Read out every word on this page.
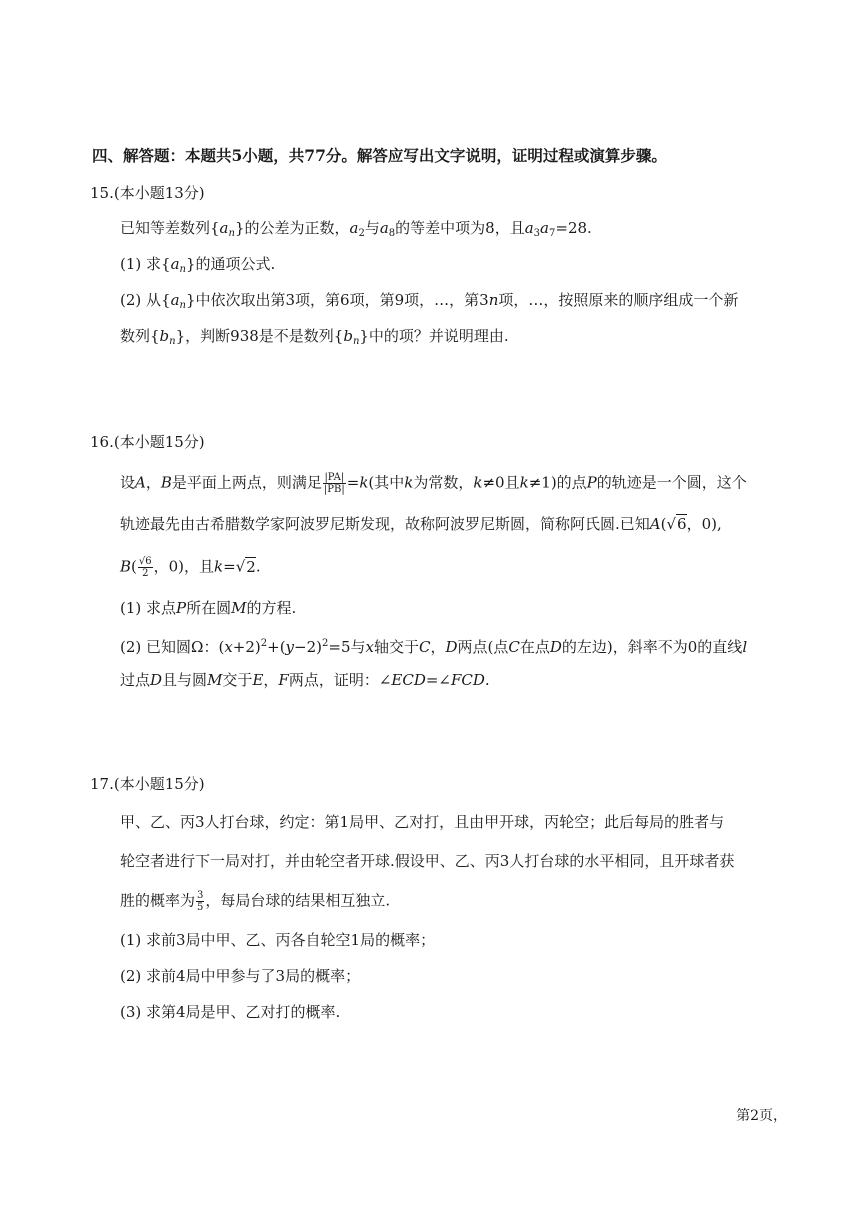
四、解答题：本题共5小题，共77分。解答应写出文字说明，证明过程或演算步骤。
15.(本小题13分)
已知等差数列$\{a_n\}$的公差为正数，$a_2$与$a_8$的等差中项为8，且$a_3a_7=28$.
(1) 求$\{a_n\}$的通项公式.
(2) 从$\{a_n\}$中依次取出第3项，第6项，第9项，…，第3n项，…，按照原来的顺序组成一个新
数列$\{b_n\}$，判断938是不是数列$\{b_n\}$中的项？并说明理由.
16.(本小题15分)
设A，B是平面上两点，则满足 $\frac{|PA|}{|PB|} =k$(其中k为常数，k≠0且k≠1)的点P的轨迹是一个圆，这个
轨迹最先由古希腊数学家阿波罗尼斯发现，故称阿波罗尼斯圆，简称阿氏圆.已知A(√6，0),
$B( \frac{√6}{2}$ ，0)，且k=√2.
(1) 求点P所在圆M的方程.
(2) 已知圆Ω：$(x+2)^2+(y-2)^2=5$与x轴交于C，D两点(点C在点D的左边)，斜率不为0的直线l
过点D且与圆M交于E，F两点，证明：∠ECD=∠FCD.
17.(本小题15分)
甲、乙、丙3人打台球，约定：第1局甲、乙对打，且由甲开球，丙轮空；此后每局的胜者与
轮空者进行下一局对打，并由轮空者开球.假设甲、乙、丙3人打台球的水平相同，且开球者获
胜的概率为 $\frac{3}{5}$ ，每局台球的结果相互独立.
(1) 求前3局中甲、乙、丙各自轮空1局的概率；
(2) 求前4局中甲参与了3局的概率；
(3) 求第4局是甲、乙对打的概率.
第2页，
